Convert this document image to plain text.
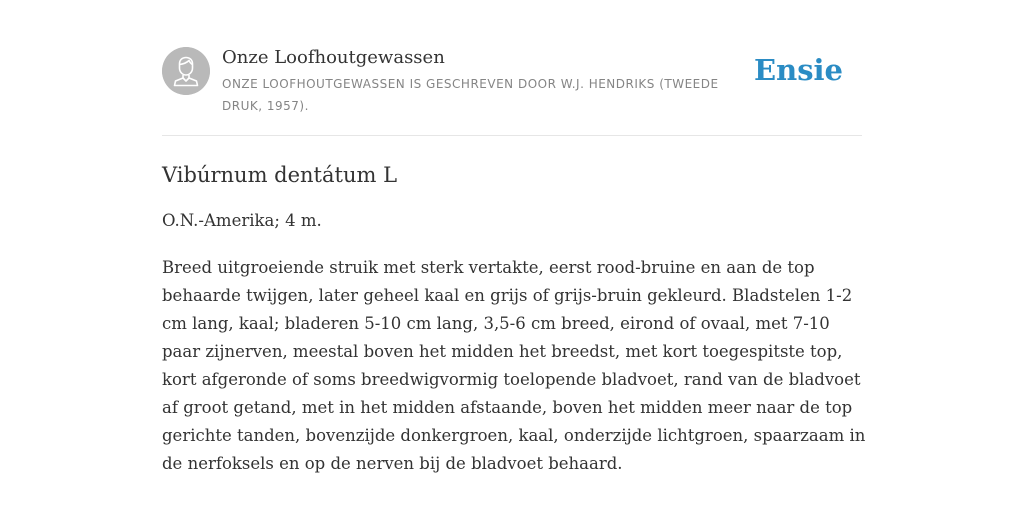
Onze Loofhoutgewassen

ONZE LOOFHOUTGEWASSEN IS GESCHREVEN DOOR W.J. HENDRIKS (TWEEDE DRUK, 1957).

Ensie
Vibúrnum dentátum L

O.N.-Amerika; 4 m.

Breed uitgroeiende struik met sterk vertakte, eerst rood-bruine en aan de top behaarde twijgen, later geheel kaal en grijs of grijs-bruin gekleurd. Bladstelen 1-2 cm lang, kaal; bladeren 5-10 cm lang, 3,5-6 cm breed, eirond of ovaal, met 7-10 paar zijnerven, meestal boven het midden het breedst, met kort toegespitste top, kort afgeronde of soms breedwigvormig toelopende bladvoet, rand van de bladvoet af groot getand, met in het midden afstaande, boven het midden meer naar de top gerichte tanden, bovenzijde donkergroen, kaal, onderzijde lichtgroen, spaarzaam in de nerfoksels en op de nerven bij de bladvoet behaard.
